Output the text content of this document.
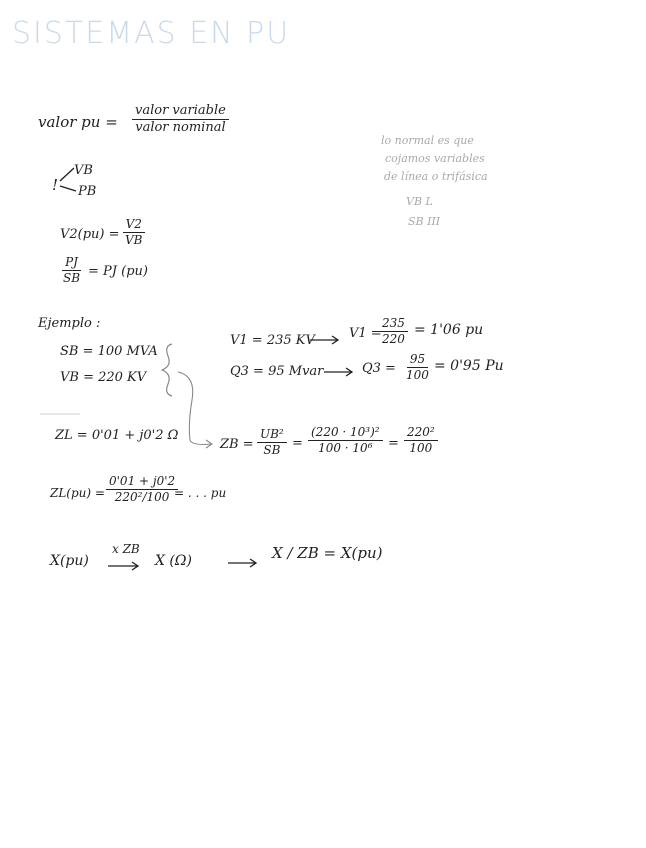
SISTEMAS EN PU
valor pu = $\frac{\text{valor variable}}{\text{valor nominal}}$
!
VB
PB
lo normal es que
cojamos variables
de línea o trifásica
VB L
SB III
$V2(pu) = \frac{V2}{VB}$
$\frac{PJ}{SB}$ = PJ (pu)
Ejemplo :
SB = 100 MVA
VB = 220 KV
V1 = 235 KV	V1 =
$\frac{235}{220} = 1'06$ pu
Q3 = 95 Mvar	$Q3 = \frac{95}{100} = 0'95$ Pu
ZL = 0'01 + j0'2 Ω
ZB = $\frac{\text{UB²}}{SB} = \frac{\text{(220 · 10³)²}}{\text{100 · 10⁶}} = \frac{\text{220²}}{100}$
$ZL(pu) = \frac{0'01 + j0'2}{\text{220²/100}}$
= . . . pu
X(pu)
x ZB
X (Ω)	X / ZB = X(pu)
